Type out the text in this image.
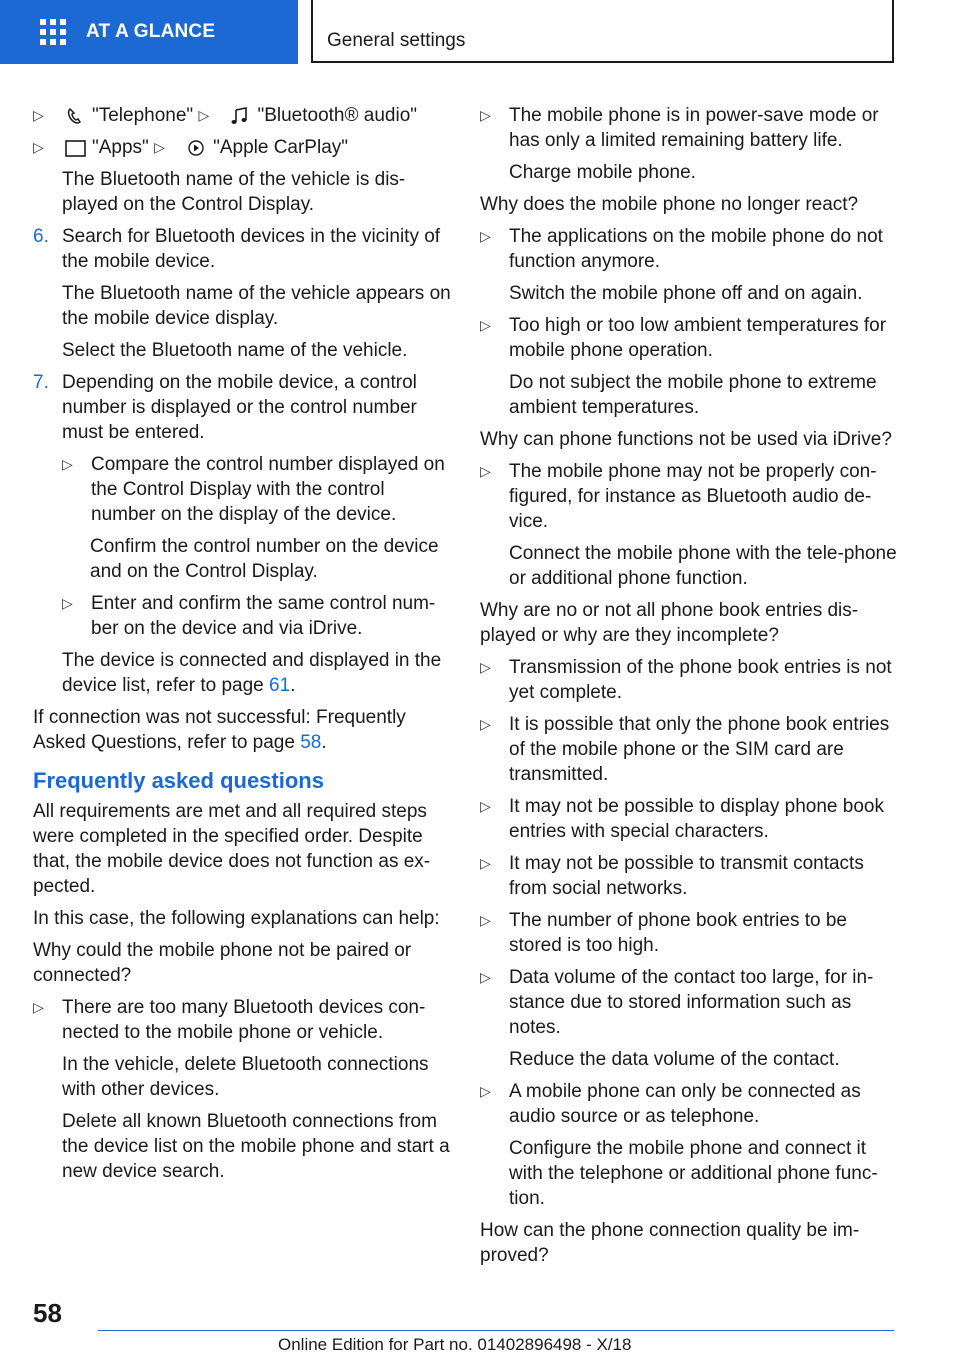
AT A GLANCE	General settings
▷ "Telephone"
	▷ "Bluetooth® audio"

▷ "Apps"
	▷ "Apple CarPlay"

The Bluetooth name of the vehicle is dis-played on the Control Display.

6. Search for Bluetooth devices in the vicinity of the mobile device.

The Bluetooth name of the vehicle appears on the mobile device display.

Select the Bluetooth name of the vehicle.

7. Depending on the mobile device, a control number is displayed or the control number must be entered.
▷ Compare the control number displayed on the Control Display with the control number on the display of the device.

Confirm the control number on the device and on the Control Display.

▷ Enter and confirm the same control num-ber on the device and via iDrive.

The device is connected and displayed in the device list, refer to page 61.

If connection was not successful: Frequently Asked Questions, refer to page 58.

Frequently asked questions

All requirements are met and all required steps were completed in the specified order. Despite that, the mobile device does not function as ex-pected.

In this case, the following explanations can help:

Why could the mobile phone not be paired or connected?

▷ There are too many Bluetooth devices con-nected to the mobile phone or vehicle.

In the vehicle, delete Bluetooth connections with other devices.

Delete all known Bluetooth connections from the device list on the mobile phone and start a new device search.

▷ The mobile phone is in power-save mode or has only a limited remaining battery life.

Charge mobile phone.

Why does the mobile phone no longer react?

▷ The applications on the mobile phone do not function anymore.

Switch the mobile phone off and on again.

▷ Too high or too low ambient temperatures for mobile phone operation.

Do not subject the mobile phone to extreme ambient temperatures.

Why can phone functions not be used via iDrive?

▷ The mobile phone may not be properly con-figured, for instance as Bluetooth audio de-vice.

Connect the mobile phone with the tele-phone or additional phone function.

Why are no or not all phone book entries dis-played or why are they incomplete?

▷ Transmission of the phone book entries is not yet complete.
▷ It is possible that only the phone book entries of the mobile phone or the SIM card are transmitted.
▷ It may not be possible to display phone book entries with special characters.
▷ It may not be possible to transmit contacts from social networks.
▷ The number of phone book entries to be stored is too high.
▷ Data volume of the contact too large, for in-stance due to stored information such as notes.

Reduce the data volume of the contact.

▷ A mobile phone can only be connected as audio source or as telephone.

Configure the mobile phone and connect it with the telephone or additional phone func-tion.

How can the phone connection quality be im-proved?

58
Online Edition for Part no. 01402896498 - X/18
